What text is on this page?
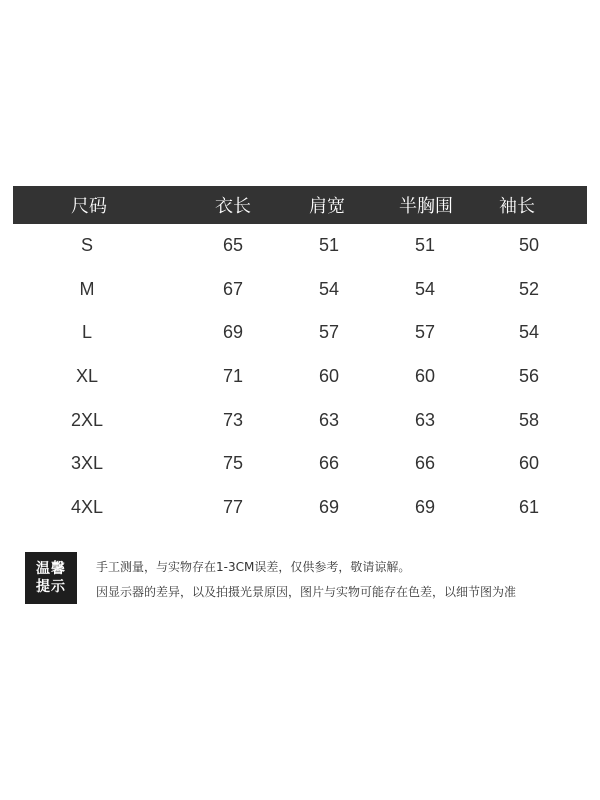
尺码	衣长	肩宽	半胸围	袖长
S	65	51	51	50
M	67	54	54	52
L	69	57	57	54
XL	71	60	60	56
2XL	73	63	63	58
3XL	75	66	66	60
4XL	77	69	69	61
温馨
提示
手工测量，与实物存在1-3CM误差，仅供参考，敬请谅解。
因显示器的差异，以及拍摄光景原因，图片与实物可能存在色差，以细节图为准
